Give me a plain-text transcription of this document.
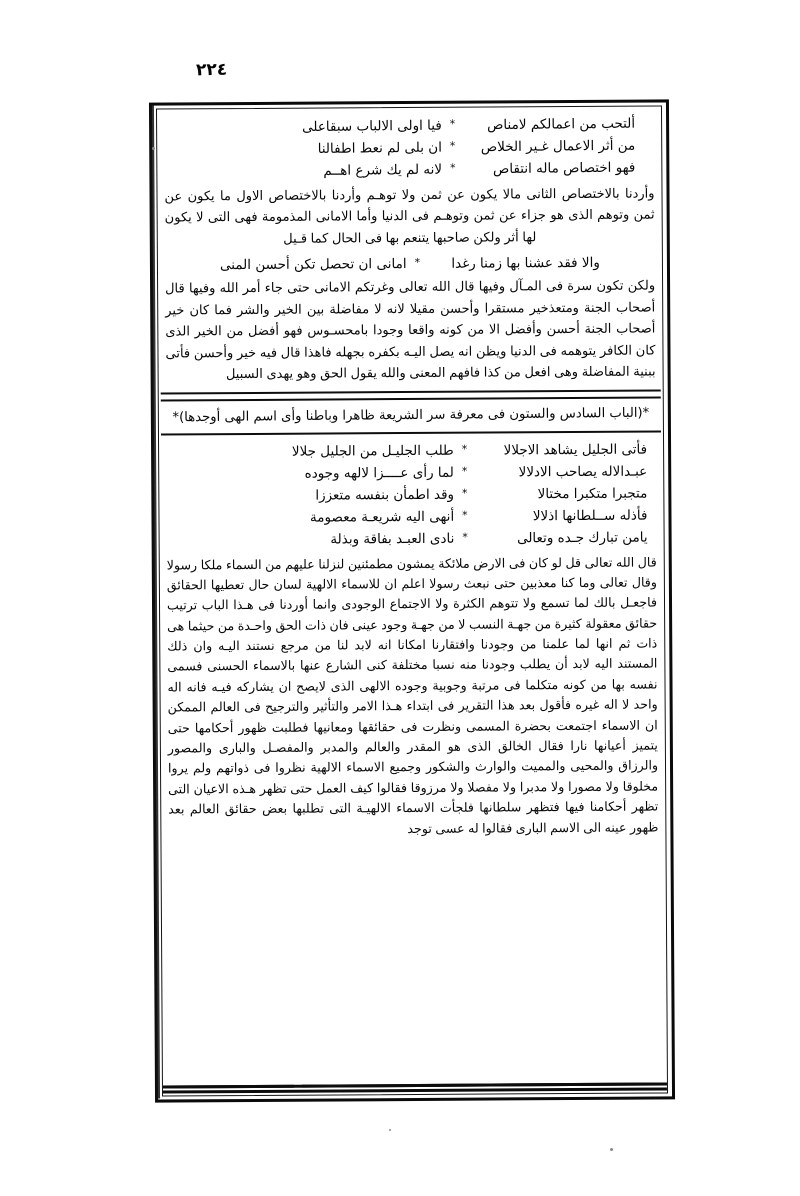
٤٢٢
ألتحب من اعمالكم لامناص
*
فيا اولى الالباب سبقاعلى
من أثر الاعمال غـير الخلاص
*
ان بلى لم نعط اطفالنا
فهو اختصاص ماله انتقاص
*
لانه لم يك شرع اهــم
وأردنا بالاختصاص الثانى مالا يكون عن ثمن ولا توهـم وأردنا بالاختصاص الاول ما يكون عن ثمن وتوهم الذى هو جزاء عن ثمن وتوهـم فى الدنيا وأما الامانى المذمومة فهى التى لا يكون لها أثر ولكن صاحبها يتنعم بها فى الحال كما قـيل
والا فقد عشنا بها زمنا رغدا
*
امانى ان تحصل تكن أحسن المنى
ولكن تكون سرة فى المـآل وفيها قال الله تعالى وغرتكم الامانى حتى جاء أمر الله وفيها قال أصحاب الجنة ومتعذخير مستقرا وأحسن مقيلا لانه لا مفاضلة بين الخير والشر فما كان خير أصحاب الجنة أحسن وأفضل الا من كونه واقعا وجودا بامحسـوس فهو أفضل من الخير الذى كان الكافر يتوهمه فى الدنيا ويظن انه يصل اليـه بكفره بجهله فاهذا قال فيه خير وأحسن فأتى ببنية المفاضلة وهى افعل من كذا فافهم المعنى والله يقول الحق وهو يهدى السبيل
*(الباب السادس والستون فى معرفة سر الشريعة ظاهرا وباطنا وأى اسم الهى أوجدها)*
فأتى الجليل يشاهد الاجلالا
*
طلب الجليـل من الجليل جلالا
عبـدالاله يصاحب الادلالا
*
لما رأى عــــزا لالهه وجوده
متجبرا متكبرا مختالا
*
وقد اطمأن بنفسه متعززا
فأذله ســلطانها اذلالا
*
أنهى اليه شريعـة معصومة
يامن تبارك جـده وتعالى
*
نادى العبـد بفاقة وبذلة
قال الله تعالى قل لو كان فى الارض ملائكة يمشون مطمئنين لنزلنا عليهم من السماء ملكا رسولا وقال تعالى وما كنا معذبين حتى نبعث رسولا اعلم ان للاسماء الالهية لسان حال تعطيها الحقائق فاجعـل بالك لما تسمع ولا تتوهم الكثرة ولا الاجتماع الوجودى وانما أوردنا فى هـذا الباب ترتيب حقائق معقولة كثيرة من جهـة النسب لا من جهـة وجود عينى فان ذات الحق واحـدة من حيثما هى ذات ثم انها لما علمنا من وجودنا وافتقارنا امكانا انه لابد لنا من مرجع نستند اليـه وان ذلك المستند اليه لابد أن يطلب وجودنا منه نسبا مختلفة كنى الشارع عنها بالاسماء الحسنى فسمى نفسه بها من كونه متكلما فى مرتبة وجوبية وجوده الالهى الذى لايصح ان يشاركه فيـه فانه اله واحد لا اله غيره فأقول بعد هذا التقرير فى ابتداء هـذا الامر والتأثير والترجيح فى العالم الممكن ان الاسماء اجتمعت بحضرة المسمى ونظرت فى حقائقها ومعانيها فطلبت ظهور أحكامها حتى يتميز أعيانها نارا فقال الخالق الذى هو المقدر والعالم والمدبر والمفصـل والبارى والمصور والرزاق والمحيى والمميت والوارث والشكور وجميع الاسماء الالهية نظروا فى ذواتهم ولم يروا مخلوقا ولا مصورا ولا مدبرا ولا مفصلا ولا مرزوقا فقالوا كيف العمل حتى تظهر هـذه الاعيان التى تظهر أحكامنا فيها فتظهر سلطانها فلجأت الاسماء الالهيـة التى تطلبها بعض حقائق العالم بعد ظهور عينه الى الاسم البارى فقالوا له عسى توجد
